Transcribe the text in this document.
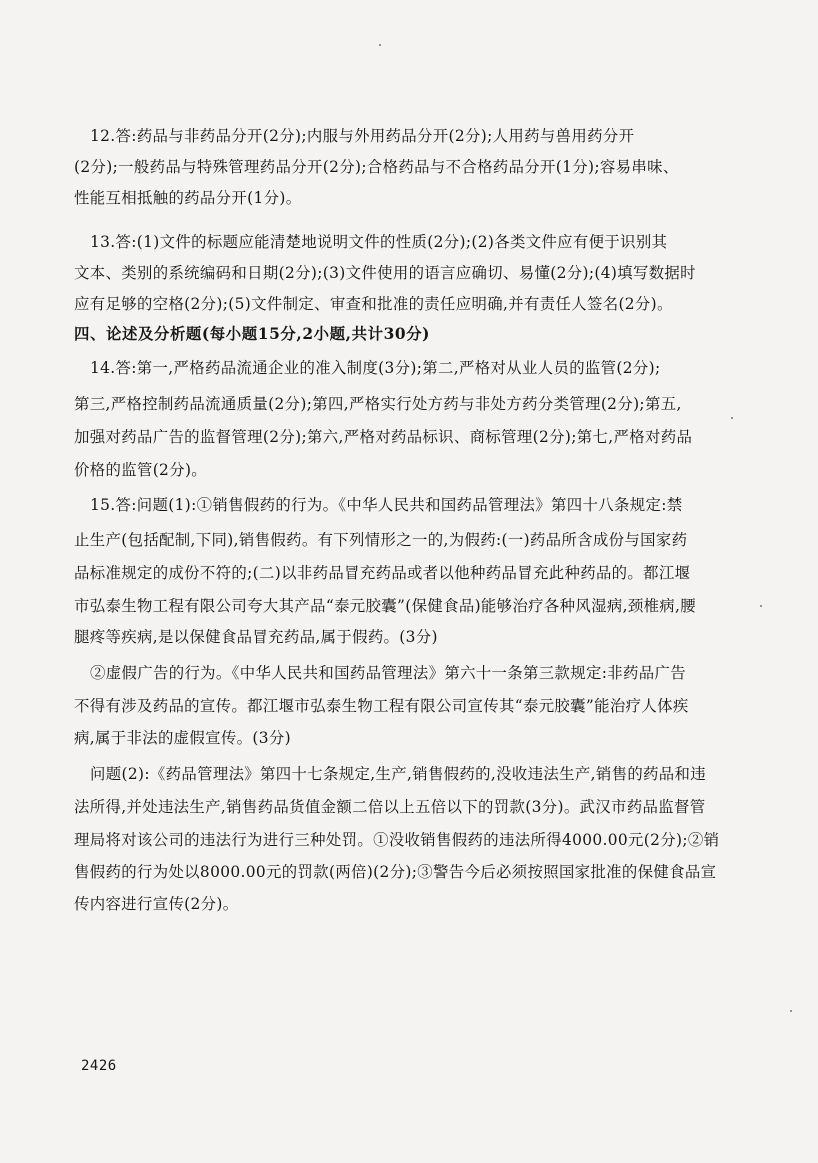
12.答:药品与非药品分开(2分);内服与外用药品分开(2分);人用药与兽用药分开
(2分);一般药品与特殊管理药品分开(2分);合格药品与不合格药品分开(1分);容易串味、
性能互相抵触的药品分开(1分)。
13.答:(1)文件的标题应能清楚地说明文件的性质(2分);(2)各类文件应有便于识别其
文本、类别的系统编码和日期(2分);(3)文件使用的语言应确切、易懂(2分);(4)填写数据时
应有足够的空格(2分);(5)文件制定、审查和批准的责任应明确,并有责任人签名(2分)。
四、论述及分析题(每小题15分,2小题,共计30分)
14.答:第一,严格药品流通企业的准入制度(3分);第二,严格对从业人员的监管(2分);
第三,严格控制药品流通质量(2分);第四,严格实行处方药与非处方药分类管理(2分);第五,
加强对药品广告的监督管理(2分);第六,严格对药品标识、商标管理(2分);第七,严格对药品
价格的监管(2分)。
15.答:问题(1):①销售假药的行为。《中华人民共和国药品管理法》第四十八条规定:禁
止生产(包括配制,下同),销售假药。有下列情形之一的,为假药:(一)药品所含成份与国家药
品标准规定的成份不符的;(二)以非药品冒充药品或者以他种药品冒充此种药品的。都江堰
市弘泰生物工程有限公司夸大其产品“泰元胶囊”(保健食品)能够治疗各种风湿病,颈椎病,腰
腿疼等疾病,是以保健食品冒充药品,属于假药。(3分)
②虚假广告的行为。《中华人民共和国药品管理法》第六十一条第三款规定:非药品广告
不得有涉及药品的宣传。都江堰市弘泰生物工程有限公司宣传其“泰元胶囊”能治疗人体疾
病,属于非法的虚假宣传。(3分)
问题(2):《药品管理法》第四十七条规定,生产,销售假药的,没收违法生产,销售的药品和违
法所得,并处违法生产,销售药品货值金额二倍以上五倍以下的罚款(3分)。武汉市药品监督管
理局将对该公司的违法行为进行三种处罚。①没收销售假药的违法所得4000.00元(2分);②销
售假药的行为处以8000.00元的罚款(两倍)(2分);③警告今后必须按照国家批准的保健食品宣
传内容进行宣传(2分)。
2426
